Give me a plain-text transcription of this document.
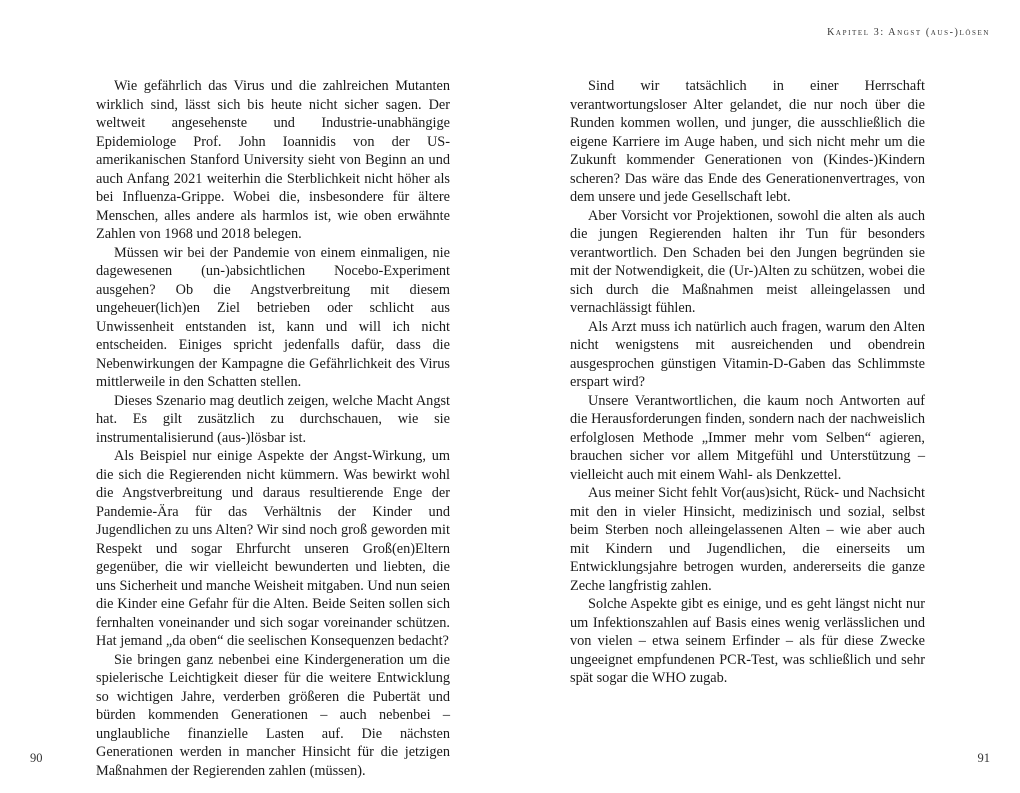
Kapitel 3: Angst (aus-)lösen

Wie gefährlich das Virus und die zahlreichen Mutanten wirklich sind, lässt sich bis heute nicht sicher sagen. Der weltweit angesehenste und Industrie-unabhängige Epidemiologe Prof. John Ioannidis von der US-amerikanischen Stanford University sieht von Beginn an und auch Anfang 2021 weiterhin die Sterblichkeit nicht höher als bei Influenza-Grippe. Wobei die, insbesondere für ältere Menschen, alles andere als harmlos ist, wie oben erwähnte Zahlen von 1968 und 2018 belegen.

Müssen wir bei der Pandemie von einem einmaligen, nie dagewesenen (un-)absichtlichen Nocebo-Experiment ausgehen? Ob die Angstverbreitung mit diesem ungeheuer(lich)en Ziel betrieben oder schlicht aus Unwissenheit entstanden ist, kann und will ich nicht entscheiden. Einiges spricht jedenfalls dafür, dass die Nebenwirkungen der Kampagne die Gefährlichkeit des Virus mittlerweile in den Schatten stellen.

Dieses Szenario mag deutlich zeigen, welche Macht Angst hat. Es gilt zusätzlich zu durchschauen, wie sie instrumentalisierund (aus-)lösbar ist.

Als Beispiel nur einige Aspekte der Angst-Wirkung, um die sich die Regierenden nicht kümmern. Was bewirkt wohl die Angstverbreitung und daraus resultierende Enge der Pandemie-Ära für das Verhältnis der Kinder und Jugendlichen zu uns Alten? Wir sind noch groß geworden mit Respekt und sogar Ehrfurcht unseren Groß(en)Eltern gegenüber, die wir vielleicht bewunderten und liebten, die uns Sicherheit und manche Weisheit mitgaben. Und nun seien die Kinder eine Gefahr für die Alten. Beide Seiten sollen sich fernhalten voneinander und sich sogar voreinander schützen. Hat jemand „da oben“ die seelischen Konsequenzen bedacht?

Sie bringen ganz nebenbei eine Kindergeneration um die spielerische Leichtigkeit dieser für die weitere Entwicklung so wichtigen Jahre, verderben größeren die Pubertät und bürden kommenden Generationen – auch nebenbei – unglaubliche finanzielle Lasten auf. Die nächsten Generationen werden in mancher Hinsicht für die jetzigen Maßnahmen der Regierenden zahlen (müssen).

Sind wir tatsächlich in einer Herrschaft verantwortungsloser Alter gelandet, die nur noch über die Runden kommen wollen, und junger, die ausschließlich die eigene Karriere im Auge haben, und sich nicht mehr um die Zukunft kommender Generationen von (Kindes-)Kindern scheren? Das wäre das Ende des Generationenvertrages, von dem unsere und jede Gesellschaft lebt.

Aber Vorsicht vor Projektionen, sowohl die alten als auch die jungen Regierenden halten ihr Tun für besonders verantwortlich. Den Schaden bei den Jungen begründen sie mit der Notwendigkeit, die (Ur-)Alten zu schützen, wobei die sich durch die Maßnahmen meist alleingelassen und vernachlässigt fühlen.

Als Arzt muss ich natürlich auch fragen, warum den Alten nicht wenigstens mit ausreichenden und obendrein ausgesprochen günstigen Vitamin-D-Gaben das Schlimmste erspart wird?

Unsere Verantwortlichen, die kaum noch Antworten auf die Herausforderungen finden, sondern nach der nachweislich erfolglosen Methode „Immer mehr vom Selben“ agieren, brauchen sicher vor allem Mitgefühl und Unterstützung – vielleicht auch mit einem Wahl- als Denkzettel.

Aus meiner Sicht fehlt Vor(aus)sicht, Rück- und Nachsicht mit den in vieler Hinsicht, medizinisch und sozial, selbst beim Sterben noch alleingelassenen Alten – wie aber auch mit Kindern und Jugendlichen, die einerseits um Entwicklungsjahre betrogen wurden, andererseits die ganze Zeche langfristig zahlen.

Solche Aspekte gibt es einige, und es geht längst nicht nur um Infektionszahlen auf Basis eines wenig verlässlichen und von vielen – etwa seinem Erfinder – als für diese Zwecke ungeeignet empfundenen PCR-Test, was schließlich und sehr spät sogar die WHO zugab.

90	91
